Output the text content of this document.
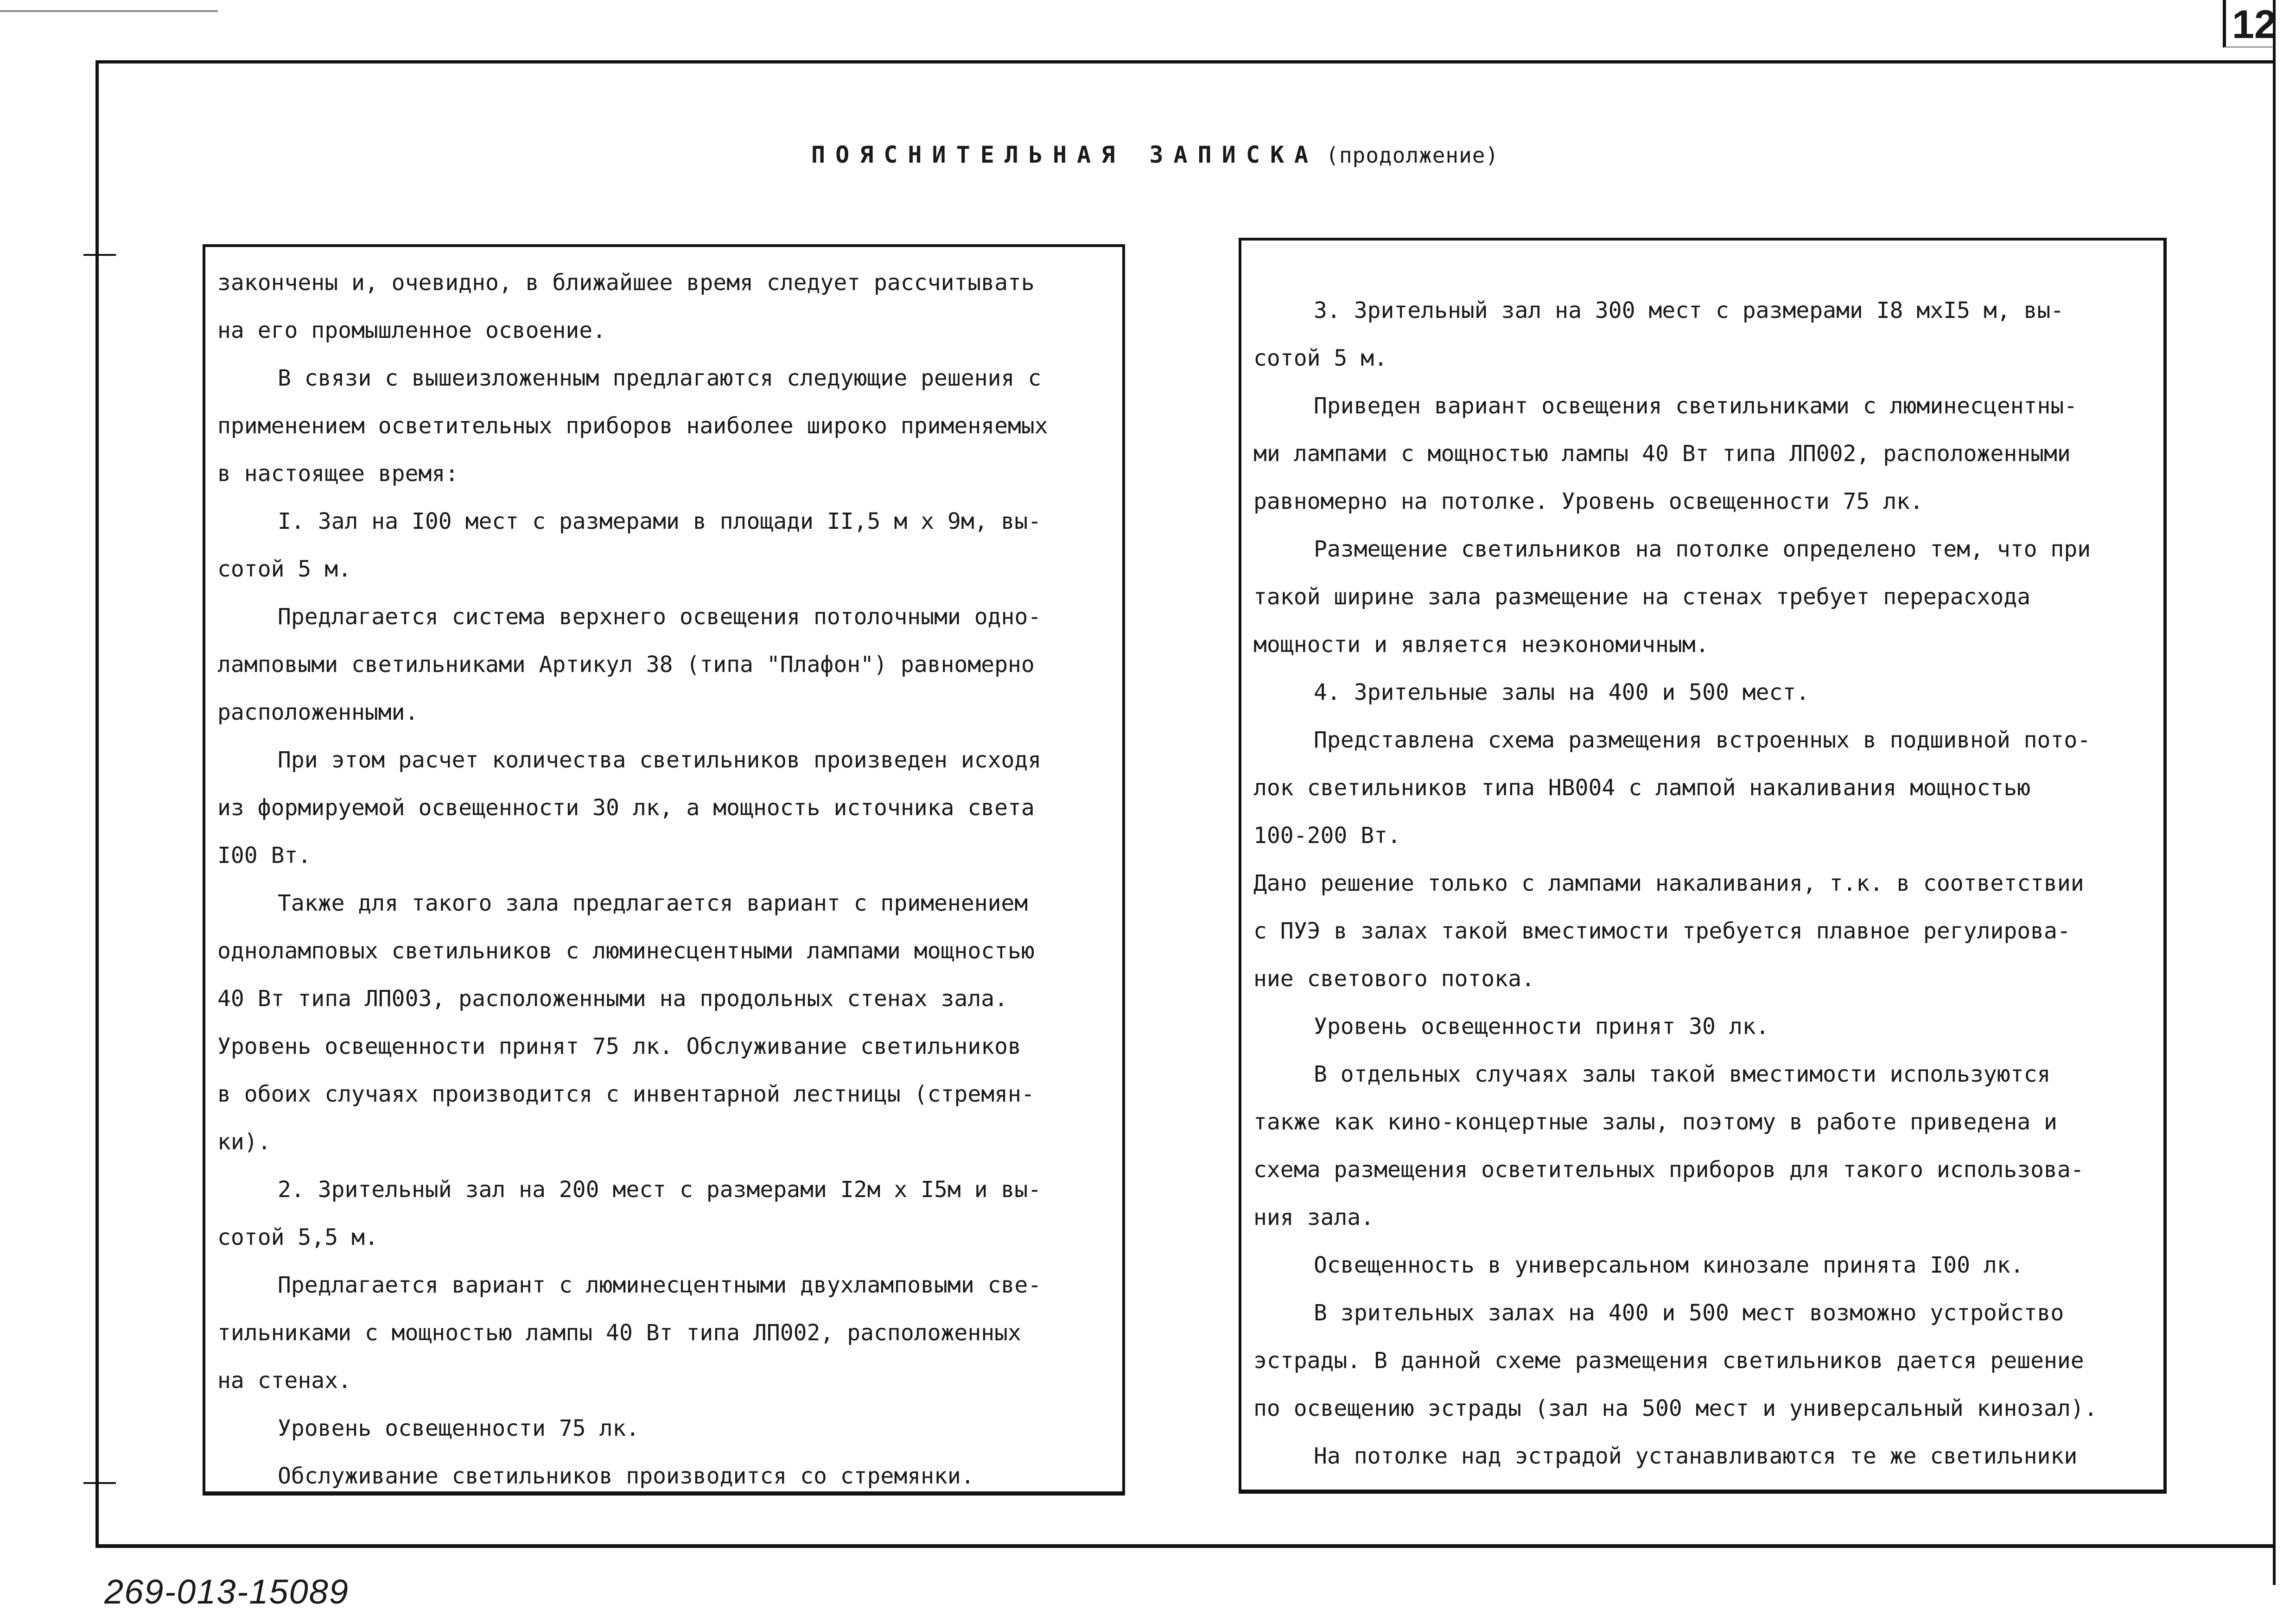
12
ПОЯСНИТЕЛЬНАЯ ЗАПИСКА (продолжение)
закончены и, очевидно, в ближайшее время следует рассчитывать
на его промышленное освоение.
В связи с вышеизложенным предлагаются следующие решения с
применением осветительных приборов наиболее широко применяемых
в настоящее время:
I. Зал на I00 мест с размерами в площади II,5 м х 9м, вы-
сотой 5 м.
Предлагается система верхнего освещения потолочными одно-
ламповыми светильниками Артикул 38 (типа "Плафон") равномерно
расположенными.
При этом расчет количества светильников произведен исходя
из формируемой освещенности 30 лк, а мощность источника света
I00 Вт.
Также для такого зала предлагается вариант с применением
одноламповых светильников с люминесцентными лампами мощностью
40 Вт типа ЛП003, расположенными на продольных стенах зала.
Уровень освещенности принят 75 лк. Обслуживание светильников
в обоих случаях производится с инвентарной лестницы (стремян-
ки).
2. Зрительный зал на 200 мест с размерами I2м х I5м и вы-
сотой 5,5 м.
Предлагается вариант с люминесцентными двухламповыми све-
тильниками с мощностью лампы 40 Вт типа ЛП002, расположенных
на стенах.
Уровень освещенности 75 лк.
Обслуживание светильников производится со стремянки.
3. Зрительный зал на 300 мест с размерами I8 мхI5 м, вы-
сотой 5 м.
Приведен вариант освещения светильниками с люминесцентны-
ми лампами с мощностью лампы 40 Вт типа ЛП002, расположенными
равномерно на потолке. Уровень освещенности 75 лк.
Размещение светильников на потолке определено тем, что при
такой ширине зала размещение на стенах требует перерасхода
мощности и является неэкономичным.
4. Зрительные залы на 400 и 500 мест.
Представлена схема размещения встроенных в подшивной пото-
лок светильников типа НВ004 с лампой накаливания мощностью
100-200 Вт.
Дано решение только с лампами накаливания, т.к. в соответствии
с ПУЭ в залах такой вместимости требуется плавное регулирова-
ние светового потока.
Уровень освещенности принят 30 лк.
В отдельных случаях залы такой вместимости используются
также как кино-концертные залы, поэтому в работе приведена и
схема размещения осветительных приборов для такого использова-
ния зала.
Освещенность в универсальном кинозале принята I00 лк.
В зрительных залах на 400 и 500 мест возможно устройство
эстрады. В данной схеме размещения светильников дается решение
по освещению эстрады (зал на 500 мест и универсальный кинозал).
На потолке над эстрадой устанавливаются те же светильники
269-013-15089
